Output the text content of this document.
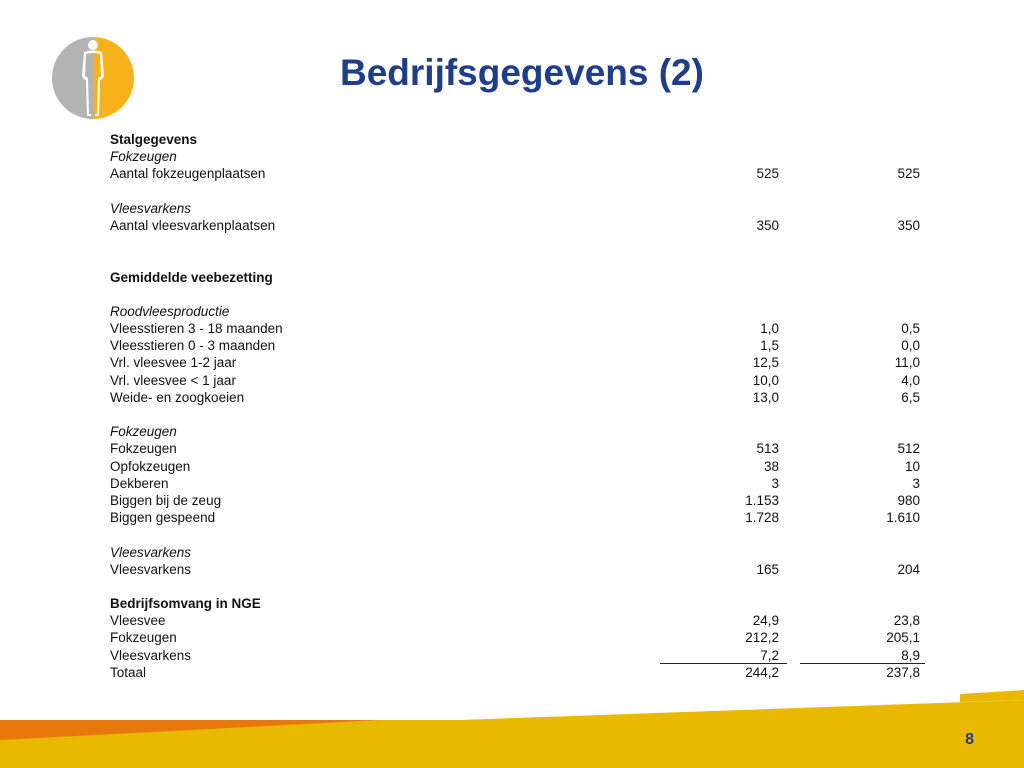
Bedrijfsgegevens (2)
Stalgegevens
Fokzeugen
Aantal fokzeugenplaatsen	525	525
Vleesvarkens
Aantal vleesvarkenplaatsen	350	350
Gemiddelde veebezetting
Roodvleesproductie
Vleesstieren 3 - 18 maanden	1,0	0,5
Vleesstieren 0 - 3 maanden	1,5	0,0
Vrl. vleesvee 1-2 jaar	12,5	11,0
Vrl. vleesvee < 1 jaar	10,0	4,0
Weide- en zoogkoeien	13,0	6,5
Fokzeugen
Fokzeugen	513	512
Opfokzeugen	38	10
Dekberen	3	3
Biggen bij de zeug	1.153	980
Biggen gespeend	1.728	1.610
Vleesvarkens
Vleesvarkens	165	204
Bedrijfsomvang in NGE
Vleesvee	24,9	23,8
Fokzeugen	212,2	205,1
Vleesvarkens	7,2	8,9
Totaal	244,2	237,8
8
